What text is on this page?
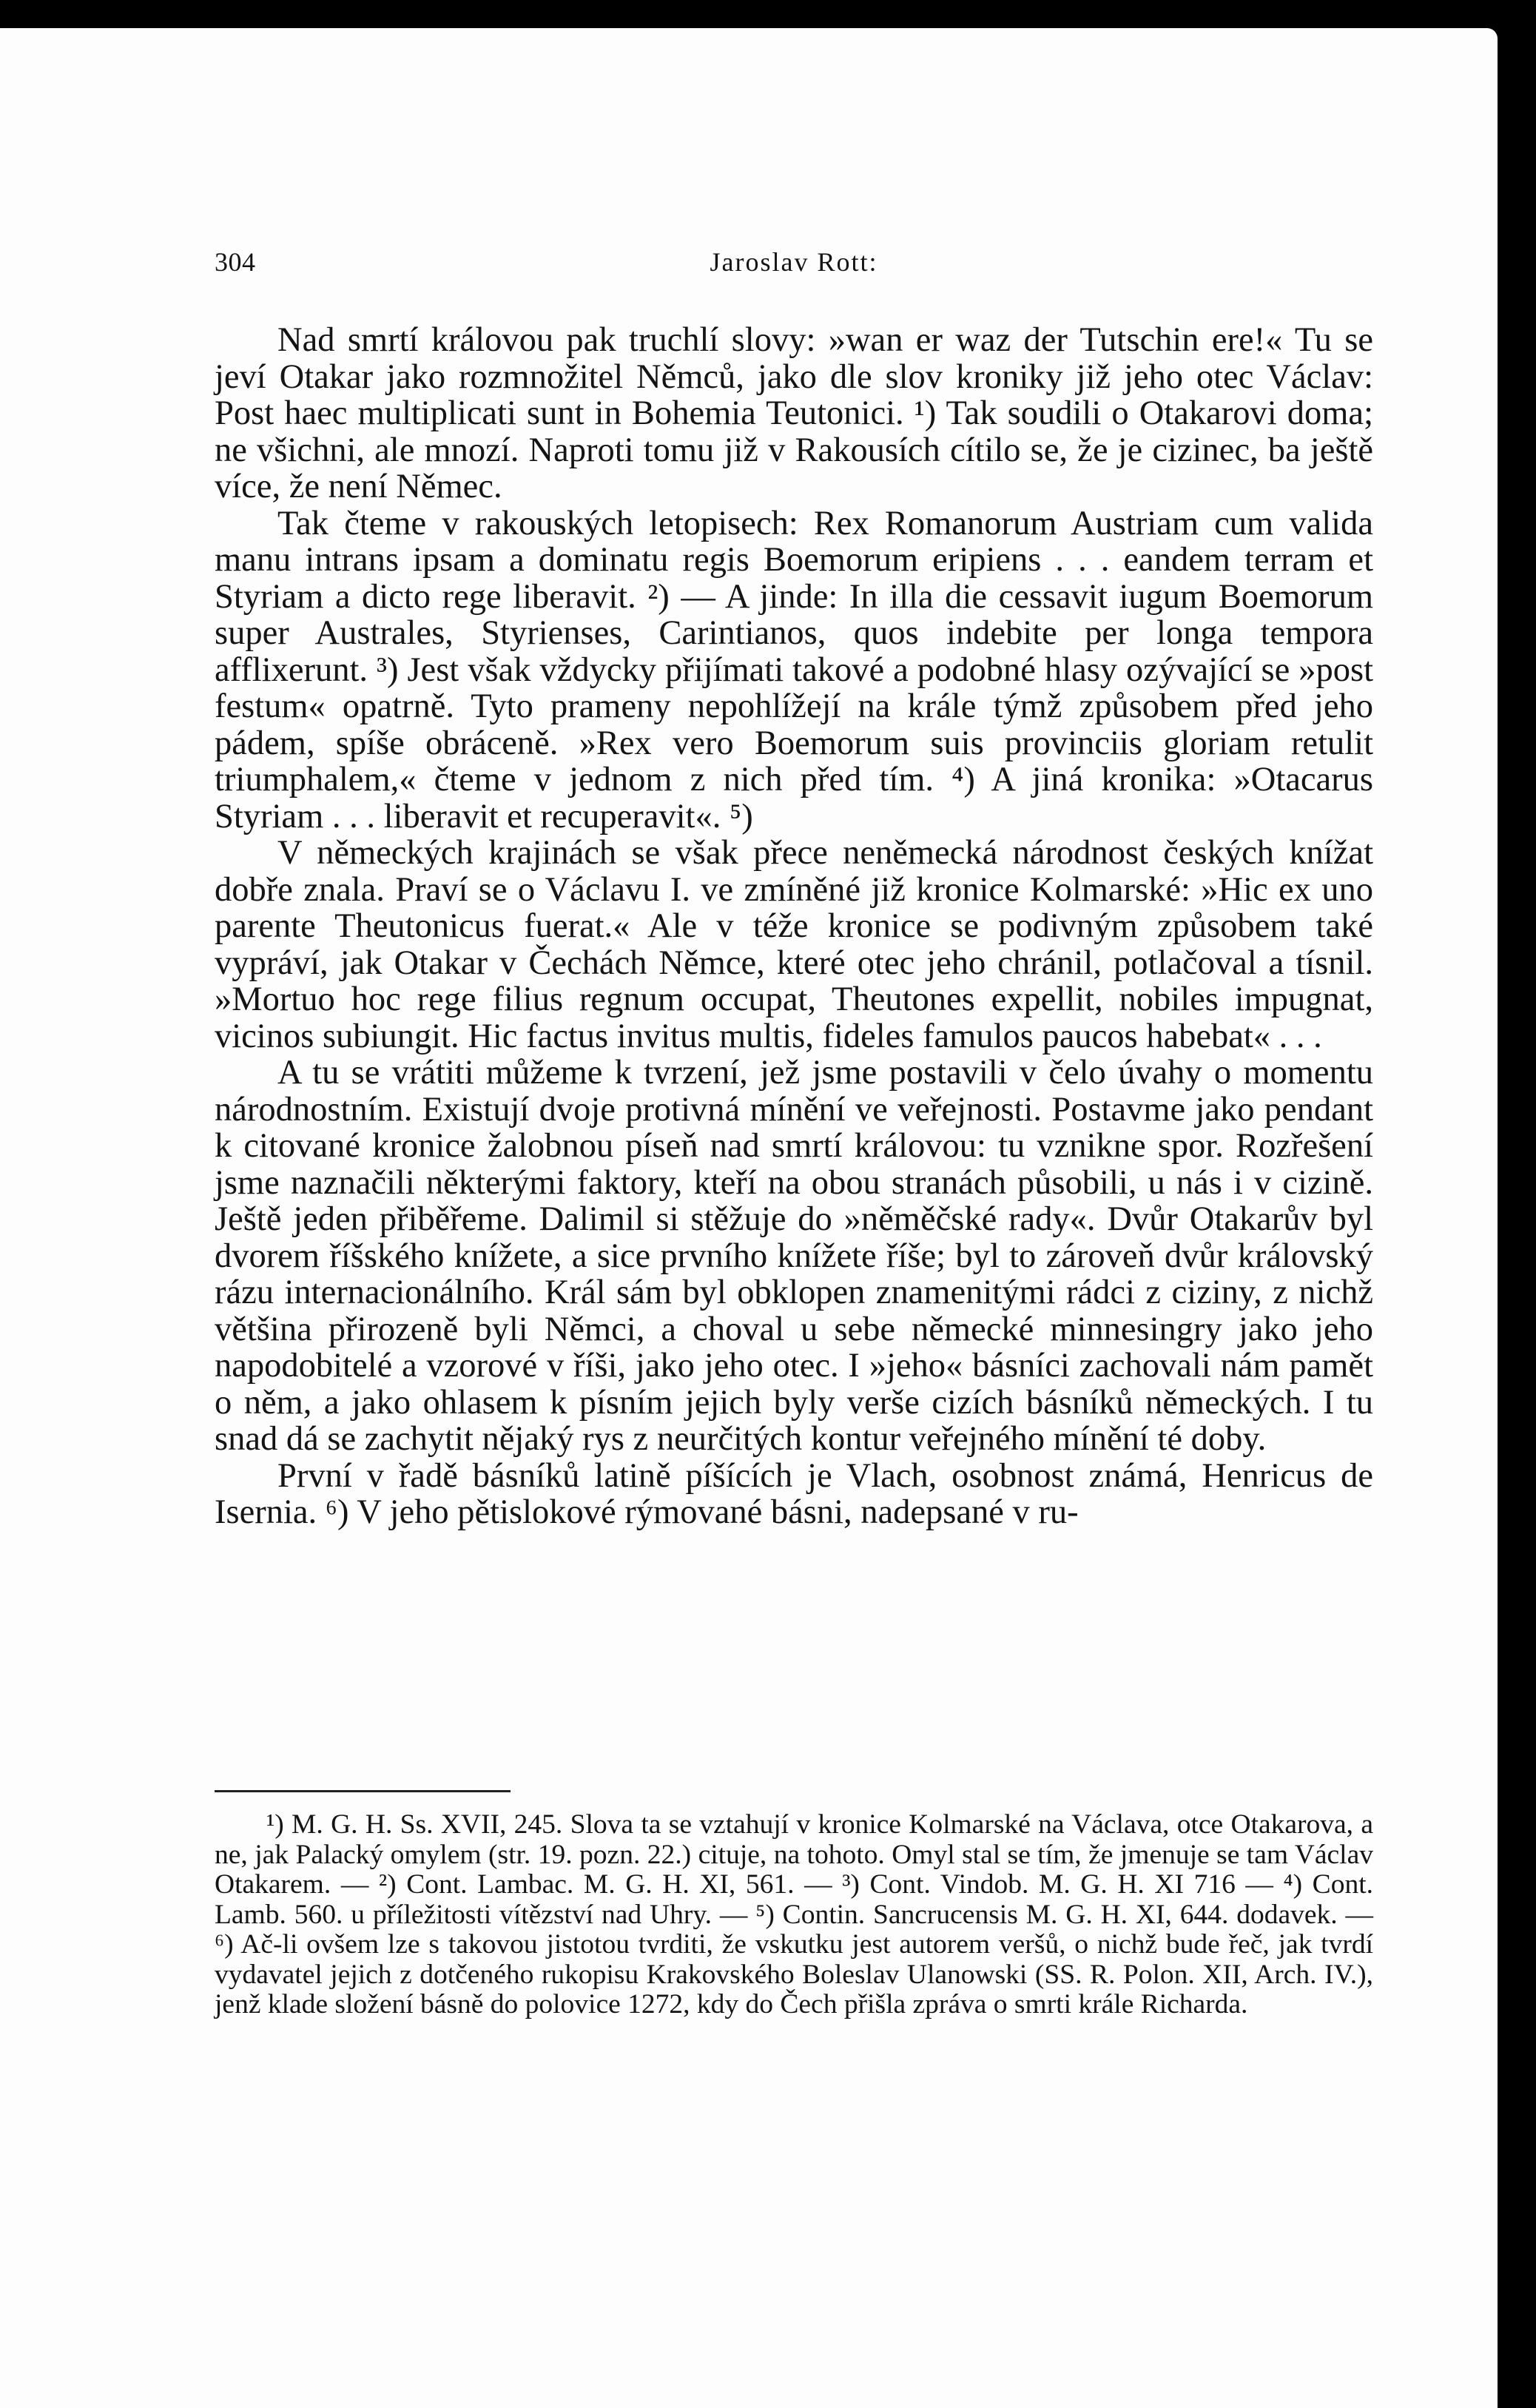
304	Jaroslav Rott:

Nad smrtí královou pak truchlí slovy: »wan er waz der Tutschin ere!« Tu se jeví Otakar jako rozmnožitel Němců, jako dle slov kroniky již jeho otec Václav: Post haec multiplicati sunt in Bohemia Teutonici. ¹) Tak soudili o Otakarovi doma; ne všichni, ale mnozí. Naproti tomu již v Rakousích cítilo se, že je cizinec, ba ještě více, že není Němec.

Tak čteme v rakouských letopisech: Rex Romanorum Austriam cum valida manu intrans ipsam a dominatu regis Boemorum eripiens . . . eandem terram et Styriam a dicto rege liberavit. ²) — A jinde: In illa die cessavit iugum Boemorum super Australes, Styrienses, Carintianos, quos indebite per longa tempora afflixerunt. ³) Jest však vždycky přijímati takové a podobné hlasy ozývající se »post festum« opatrně. Tyto prameny nepohlížejí na krále týmž způsobem před jeho pádem, spíše obráceně. »Rex vero Boemorum suis provinciis gloriam retulit triumphalem,« čteme v jednom z nich před tím. ⁴) A jiná kronika: »Otacarus Styriam . . . liberavit et recuperavit«. ⁵)

V německých krajinách se však přece neněmecká národnost českých knížat dobře znala. Praví se o Václavu I. ve zmíněné již kronice Kolmarské: »Hic ex uno parente Theutonicus fuerat.« Ale v téže kronice se podivným způsobem také vypráví, jak Otakar v Čechách Němce, které otec jeho chránil, potlačoval a tísnil. »Mortuo hoc rege filius regnum occupat, Theutones expellit, nobiles impugnat, vicinos subiungit. Hic factus invitus multis, fideles famulos paucos habebat« . . .

A tu se vrátiti můžeme k tvrzení, jež jsme postavili v čelo úvahy o momentu národnostním. Existují dvoje protivná mínění ve veřejnosti. Postavme jako pendant k citované kronice žalobnou píseň nad smrtí královou: tu vznikne spor. Rozřešení jsme naznačili některými faktory, kteří na obou stranách působili, u nás i v cizině. Ještě jeden přiběřeme. Dalimil si stěžuje do »něměčské rady«. Dvůr Otakarův byl dvorem říšského knížete, a sice prvního knížete říše; byl to zároveň dvůr královský rázu internacionálního. Král sám byl obklopen znamenitými rádci z ciziny, z nichž většina přirozeně byli Němci, a choval u sebe německé minnesingry jako jeho napodobitelé a vzorové v říši, jako jeho otec. I »jeho« básníci zachovali nám pamět o něm, a jako ohlasem k písním jejich byly verše cizích básníků německých. I tu snad dá se zachytit nějaký rys z neurčitých kontur veřejného mínění té doby.

První v řadě básníků latině píšících je Vlach, osobnost známá, Henricus de Isernia. ⁶) V jeho pětislokové rýmované básni, nadepsané v ru-

¹) M. G. H. Ss. XVII, 245. Slova ta se vztahují v kronice Kolmarské na Václava, otce Otakarova, a ne, jak Palacký omylem (str. 19. pozn. 22.) cituje, na tohoto. Omyl stal se tím, že jmenuje se tam Václav Otakarem. — ²) Cont. Lambac. M. G. H. XI, 561. — ³) Cont. Vindob. M. G. H. XI 716 — ⁴) Cont. Lamb. 560. u příležitosti vítězství nad Uhry. — ⁵) Contin. Sancrucensis M. G. H. XI, 644. dodavek. — ⁶) Ač-li ovšem lze s takovou jistotou tvrditi, že vskutku jest autorem veršů, o nichž bude řeč, jak tvrdí vydavatel jejich z dotčeného rukopisu Krakovského Boleslav Ulanowski (SS. R. Polon. XII, Arch. IV.), jenž klade složení básně do polovice 1272, kdy do Čech přišla zpráva o smrti krále Richarda.
